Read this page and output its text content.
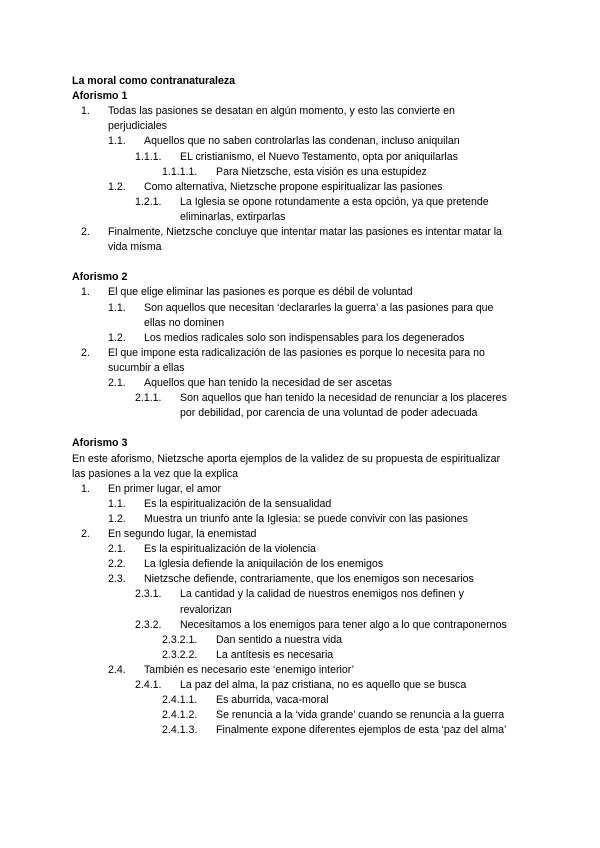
La moral como contranaturaleza
Aforismo 1
1. Todas las pasiones se desatan en algún momento, y esto las convierte en
perjudiciales
1.1. Aquellos que no saben controlarlas las condenan, incluso aniquilan
1.1.1. EL cristianismo, el Nuevo Testamento, opta por aniquilarlas
1.1.1.1. Para Nietzsche, esta visión es una estupidez
1.2. Como alternativa, Nietzsche propone espiritualizar las pasiones
1.2.1. La Iglesia se opone rotundamente a esta opción, ya que pretende
eliminarlas, extirparlas
2. Finalmente, Nietzsche concluye que intentar matar las pasiones es intentar matar la
vida misma
Aforismo 2
1. El que elige eliminar las pasiones es porque es débil de voluntad
1.1. Son aquellos que necesitan ‘declararles la guerra’ a las pasiones para que
ellas no dominen
1.2. Los medios radicales solo son indispensables para los degenerados
2. El que impone esta radicalización de las pasiones es porque lo necesita para no
sucumbir a ellas
2.1. Aquellos que han tenido la necesidad de ser ascetas
2.1.1. Son aquellos que han tenido la necesidad de renunciar a los placeres
por debilidad, por carencia de una voluntad de poder adecuada
Aforismo 3
En este aforismo, Nietzsche aporta ejemplos de la validez de su propuesta de espiritualizar
las pasiones a la vez que la explica
1. En primer lugar, el amor
1.1. Es la espiritualización de la sensualidad
1.2. Muestra un triunfo ante la Iglesia: se puede convivir con las pasiones
2. En segundo lugar, la enemistad
2.1. Es la espiritualización de la violencia
2.2. La Iglesia defiende la aniquilación de los enemigos
2.3. Nietzsche defiende, contrariamente, que los enemigos son necesarios
2.3.1. La cantidad y la calidad de nuestros enemigos nos definen y
revalorizan
2.3.2. Necesitamos a los enemigos para tener algo a lo que contraponernos
2.3.2.1. Dan sentido a nuestra vida
2.3.2.2. La antítesis es necesaria
2.4. También es necesario este ‘enemigo interior’
2.4.1. La paz del alma, la paz cristiana, no es aquello que se busca
2.4.1.1. Es aburrida, vaca-moral
2.4.1.2. Se renuncia a la ‘vida grande’ cuando se renuncia a la guerra
2.4.1.3. Finalmente expone diferentes ejemplos de esta ‘paz del alma’
